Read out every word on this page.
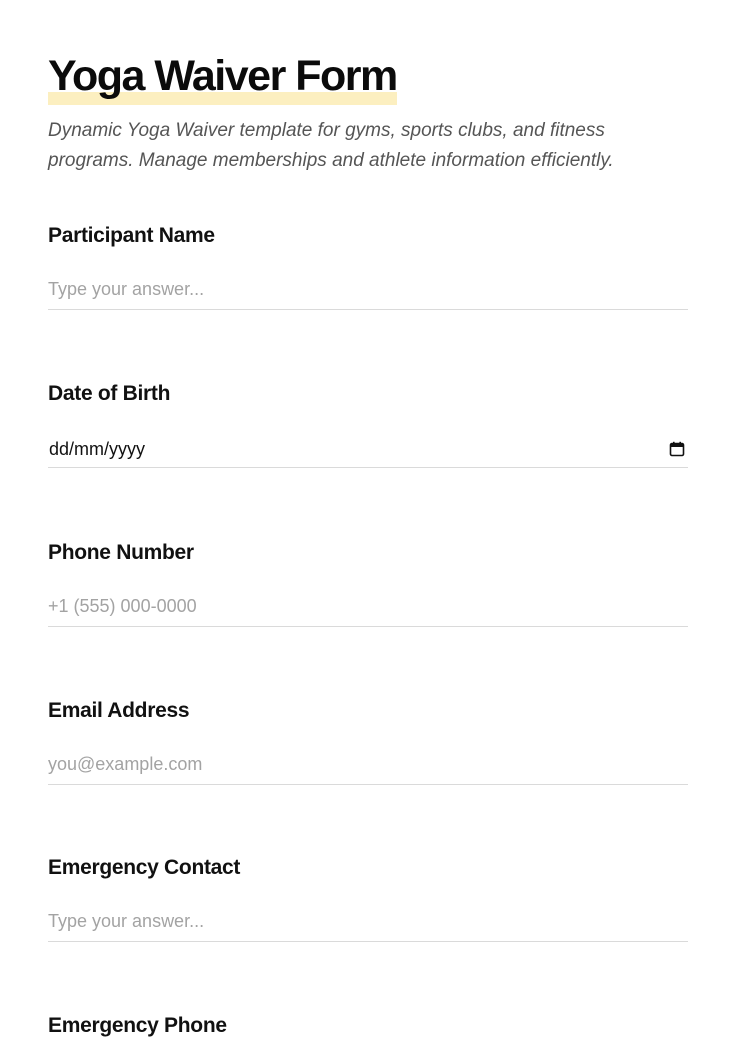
Yoga Waiver Form

Dynamic Yoga Waiver template for gyms, sports clubs, and fitness programs. Manage memberships and athlete information efficiently.

Participant Name
Type your answer...
Date of Birth
dd/mm/yyyy
Phone Number
+1 (555) 000-0000
Email Address
you@example.com
Emergency Contact
Type your answer...
Emergency Phone
